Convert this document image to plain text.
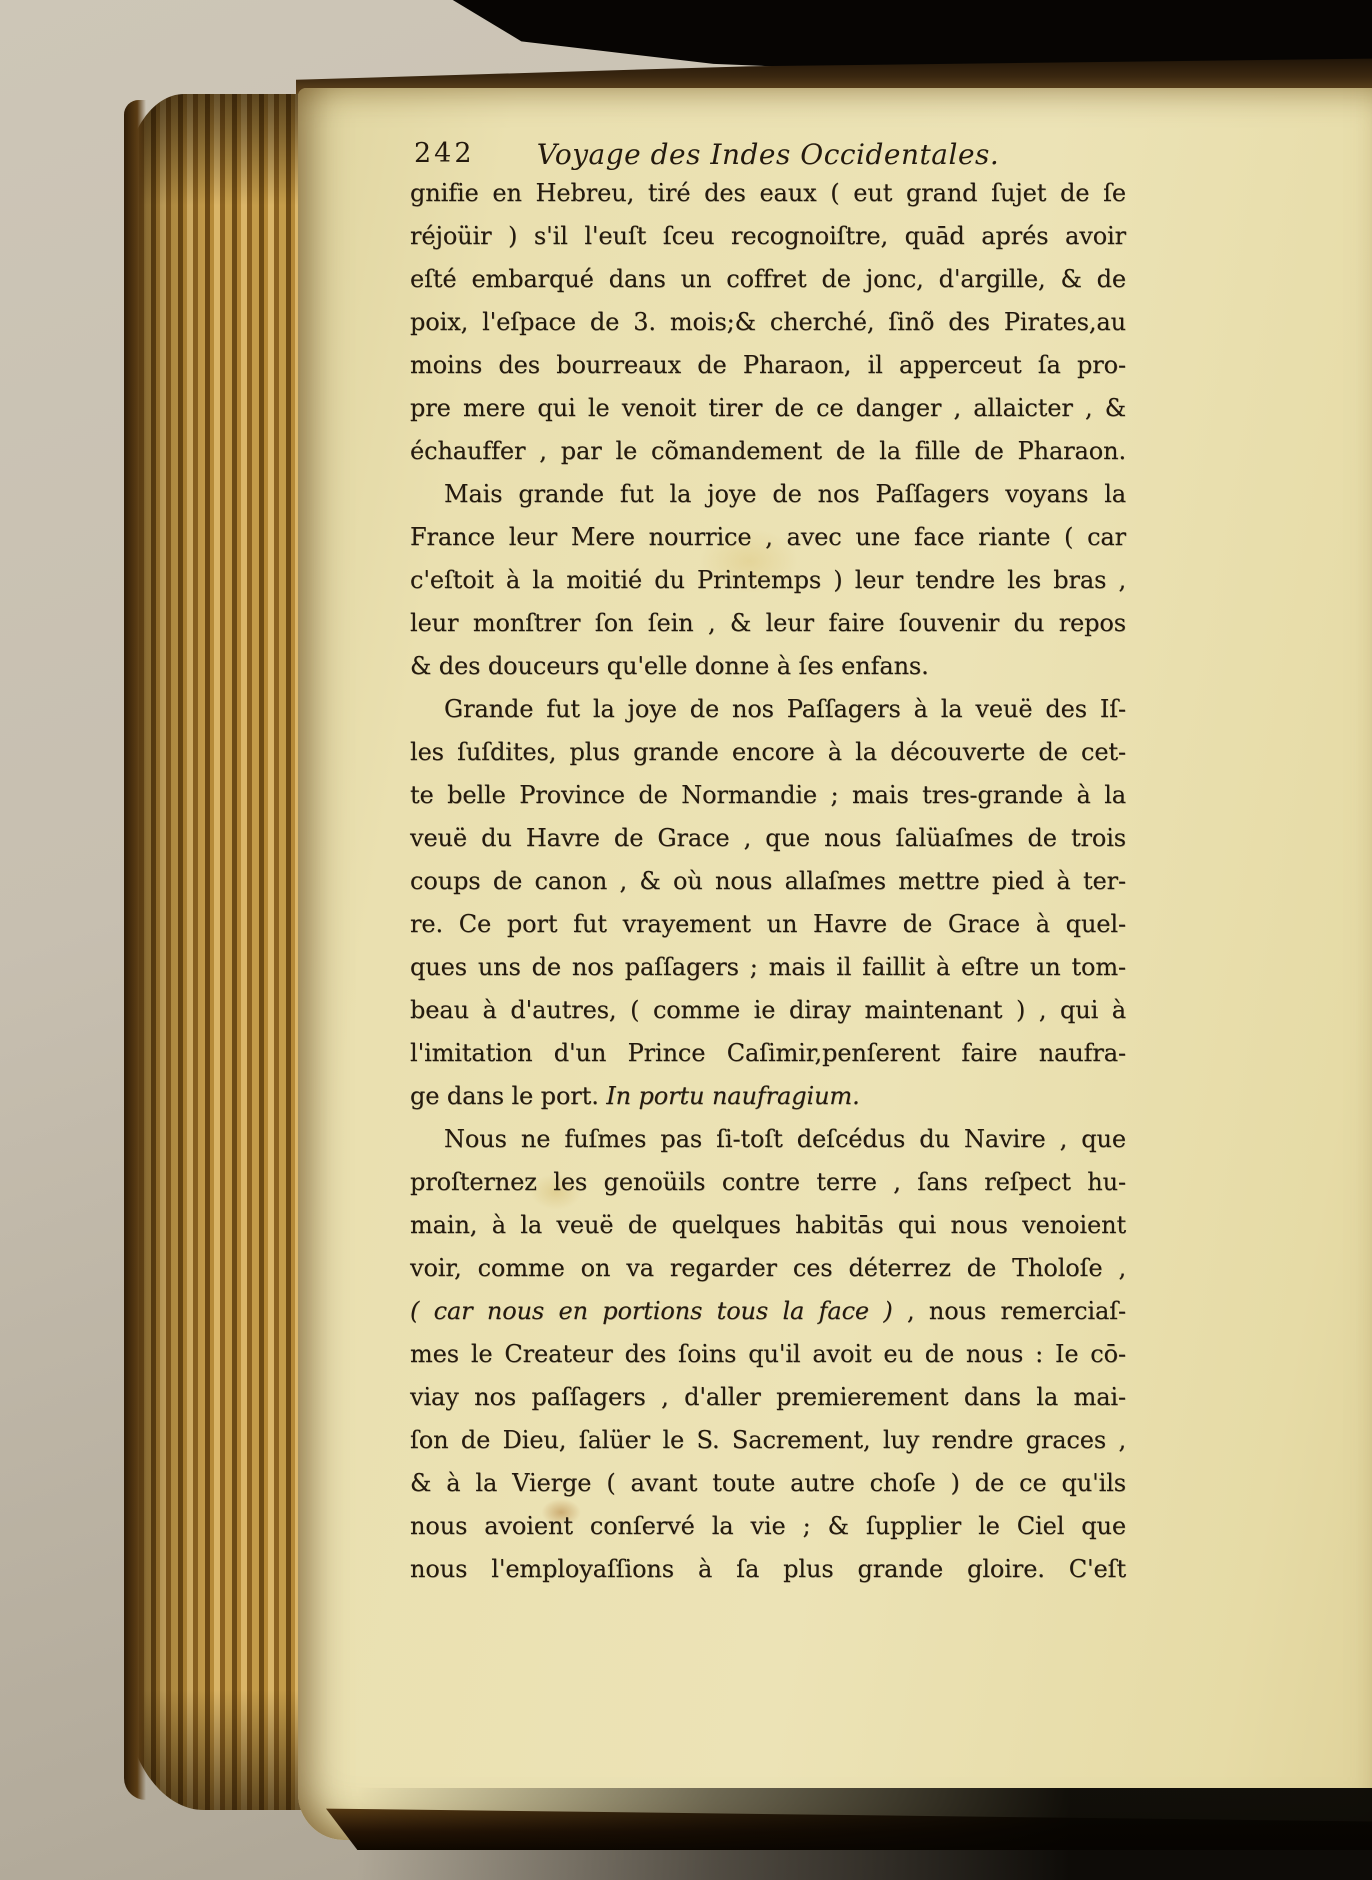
242	Voyage des Indes Occidentales.
gnifie en Hebreu, tiré des eaux ( eut grand ſujet de ſe
réjoüir ) s'il l'euſt ſceu recognoiſtre, quād aprés avoir
eſté embarqué dans un coffret de jonc, d'argille, & de
poix, l'eſpace de 3. mois;& cherché, ſinõ des Pirates,au
moins des bourreaux de Pharaon, il apperceut ſa pro-
pre mere qui le venoit tirer de ce danger , allaicter , &
échauffer , par le cõmandement de la fille de Pharaon.
Mais grande fut la joye de nos Paſſagers voyans la
France leur Mere nourrice , avec une face riante ( car
c'eſtoit à la moitié du Printemps ) leur tendre les bras ,
leur monſtrer ſon ſein , & leur faire ſouvenir du repos
& des douceurs qu'elle donne à ſes enfans.
Grande fut la joye de nos Paſſagers à la veuë des Iſ-
les ſuſdites, plus grande encore à la découverte de cet-
te belle Province de Normandie ; mais tres-grande à la
veuë du Havre de Grace , que nous ſalüaſmes de trois
coups de canon , & où nous allaſmes mettre pied à ter-
re. Ce port fut vrayement un Havre de Grace à quel-
ques uns de nos paſſagers ; mais il faillit à eſtre un tom-
beau à d'autres, ( comme ie diray maintenant ) , qui à
l'imitation d'un Prince Caſimir,penſerent faire naufra-
ge dans le port. In portu naufragium.
Nous ne fuſmes pas ſi-toſt deſcédus du Navire , que
proſternez les genoüils contre terre , ſans reſpect hu-
main, à la veuë de quelques habitās qui nous venoient
voir, comme on va regarder ces déterrez de Tholoſe ,
( car nous en portions tous la face ) , nous remerciaſ-
mes le Createur des ſoins qu'il avoit eu de nous : Ie cō-
viay nos paſſagers , d'aller premierement dans la mai-
ſon de Dieu, ſalüer le S. Sacrement, luy rendre graces ,
& à la Vierge ( avant toute autre choſe ) de ce qu'ils
nous avoient conſervé la vie ; & ſupplier le Ciel que
nous l'employaſſions à ſa plus grande gloire. C'eſt
